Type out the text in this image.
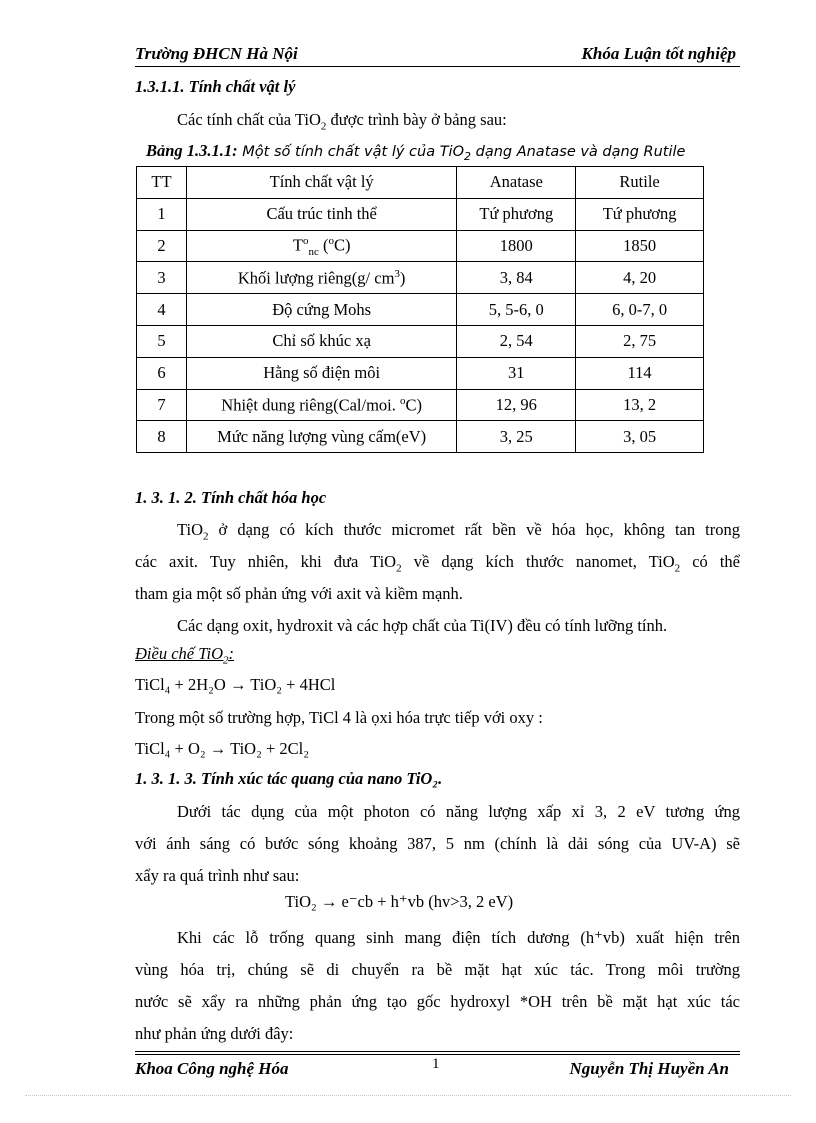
Trường ĐHCN Hà Nội	Khóa Luận tốt nghiệp
1.3.1.1. Tính chất vật lý
Các tính chất của TiO$_2$ được trình bày ở bảng sau:
Bảng 1.3.1.1: Một số tính chất vật lý của TiO$_2$ dạng Anatase và dạng Rutile
TT	Tính chất vật lý	Anatase	Rutile
1	Cấu trúc tinh thể	Tứ phương	Tứ phương
2	$T^o_{nc}$ ($^o$C)	1800	1850
3	Khối lượng riêng(g/ $cm^3$)	3, 84	4, 20
4	Độ cứng Mohs	5, 5-6, 0	6, 0-7, 0
5	Chỉ số khúc xạ	2, 54	2, 75
6	Hằng số điện môi	31	114
7	Nhiệt dung riêng(Cal/moi. $^o$C)	12, 96	13, 2
8	Mức năng lượng vùng cấm(eV)	3, 25	3, 05
1. 3. 1. 2. Tính chất hóa học
TiO$_2$ ở dạng có kích thước micromet rất bền về hóa học, không tan trong
các axit. Tuy nhiên, khi đưa TiO$_2$ về dạng kích thước nanomet, TiO$_2$ có thể
tham gia một số phản ứng với axit và kiềm mạnh.
Các dạng oxit, hydroxit và các hợp chất của Ti(IV) đều có tính lưỡng tính.
Điều chế TiO$_2$:
TiCl₄ + 2H₂O → TiO₂ + 4HCl
Trong một số trường hợp, TiCl 4 là ọxi hóa trực tiếp với oxy :
TiCl₄ + O₂ → TiO₂ + 2Cl₂
1. 3. 1. 3. Tính xúc tác quang của nano TiO₂.
Dưới tác dụng của một photon có năng lượng xấp xỉ 3, 2 eV tương ứng
với ánh sáng có bước sóng khoảng 387, 5 nm (chính là dải sóng của UV-A) sẽ
xẩy ra quá trình như sau:
TiO₂ → e⁻cb + h⁺vb (hv>3, 2 eV)
Khi các lỗ trống quang sinh mang điện tích dương (h⁺vb) xuất hiện trên
vùng hóa trị, chúng sẽ di chuyển ra bề mặt hạt xúc tác. Trong môi trường
nước sẽ xẩy ra những phản ứng tạo gốc hydroxyl *OH trên bề mặt hạt xúc tác
như phản ứng dưới đây:
Khoa Công nghệ Hóa	1	Nguyễn Thị Huyền An
